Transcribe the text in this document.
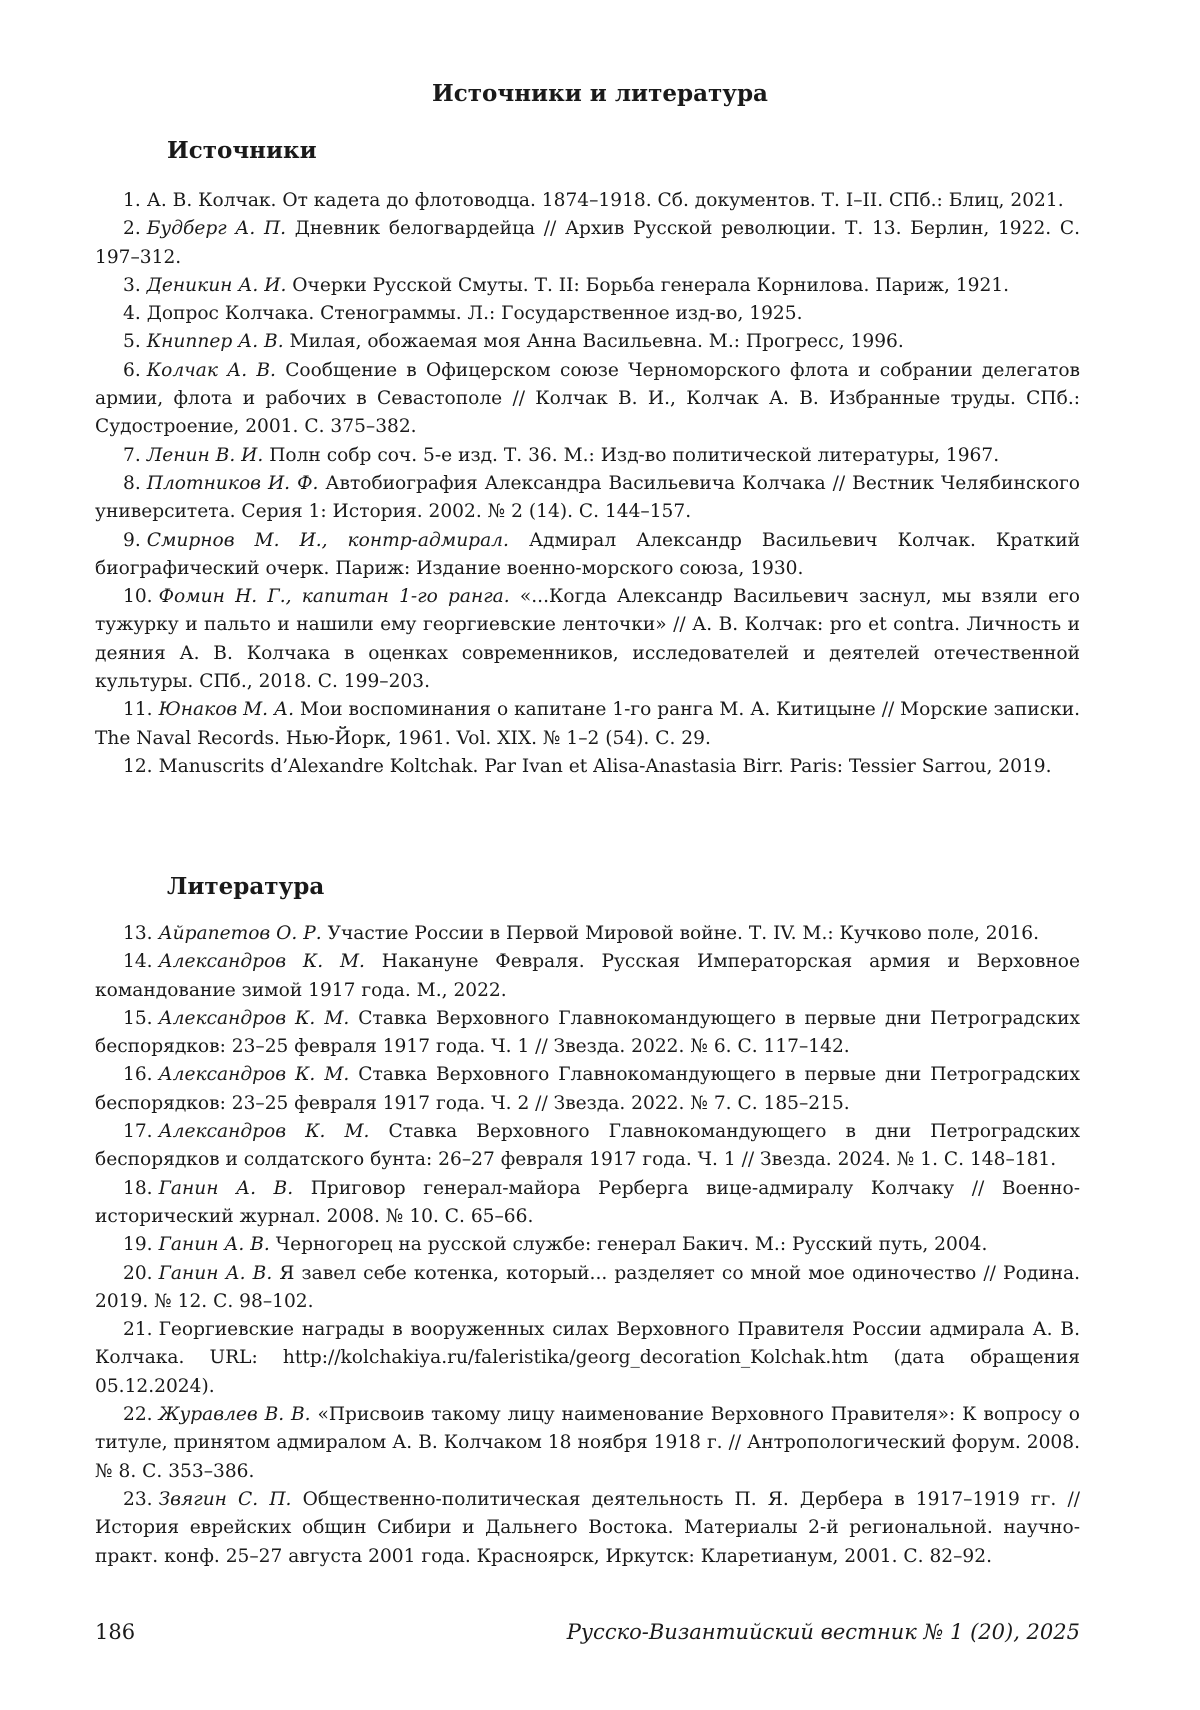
Источники и литература
Источники

1. А. В. Колчак. От кадета до флотоводца. 1874–1918. Сб. документов. Т. I–II. СПб.: Блиц, 2021.

2. Будберг А. П. Дневник белогвардейца // Архив Русской революции. Т. 13. Берлин, 1922. С. 197–312.

3. Деникин А. И. Очерки Русской Смуты. Т. II: Борьба генерала Корнилова. Париж, 1921.

4. Допрос Колчака. Стенограммы. Л.: Государственное изд-во, 1925.

5. Книппер А. В. Милая, обожаемая моя Анна Васильевна. М.: Прогресс, 1996.

6. Колчак А. В. Сообщение в Офицерском союзе Черноморского флота и собрании делегатов армии, флота и рабочих в Севастополе // Колчак В. И., Колчак А. В. Избранные труды. СПб.: Судостроение, 2001. С. 375–382.

7. Ленин В. И. Полн собр соч. 5-е изд. Т. 36. М.: Изд-во политической литературы, 1967.

8. Плотников И. Ф. Автобиография Александра Васильевича Колчака // Вестник Челябинского университета. Серия 1: История. 2002. № 2 (14). С. 144–157.

9. Смирнов М. И., контр-адмирал. Адмирал Александр Васильевич Колчак. Краткий биографический очерк. Париж: Издание военно-морского союза, 1930.

10. Фомин Н. Г., капитан 1-го ранга. «...Когда Александр Васильевич заснул, мы взяли его тужурку и пальто и нашили ему георгиевские ленточки» // А. В. Колчак: pro et contra. Личность и деяния А. В. Колчака в оценках современников, исследователей и деятелей отечественной культуры. СПб., 2018. С. 199–203.

11. Юнаков М. А. Мои воспоминания о капитане 1-го ранга М. А. Китицыне // Морские записки. The Naval Records. Нью-Йорк, 1961. Vol. XIX. № 1–2 (54). С. 29.

12. Manuscrits d’Alexandre Koltchak. Par Ivan et Alisa-Anastasia Birr. Paris: Tessier Sarrou, 2019.

Литература

13. Айрапетов О. Р. Участие России в Первой Мировой войне. Т. IV. М.: Кучково поле, 2016.

14. Александров К. М. Накануне Февраля. Русская Императорская армия и Верховное командование зимой 1917 года. М., 2022.

15. Александров К. М. Ставка Верховного Главнокомандующего в первые дни Петроградских беспорядков: 23–25 февраля 1917 года. Ч. 1 // Звезда. 2022. № 6. С. 117–142.

16. Александров К. М. Ставка Верховного Главнокомандующего в первые дни Петроградских беспорядков: 23–25 февраля 1917 года. Ч. 2 // Звезда. 2022. № 7. С. 185–215.

17. Александров К. М. Ставка Верховного Главнокомандующего в дни Петроградских беспорядков и солдатского бунта: 26–27 февраля 1917 года. Ч. 1 // Звезда. 2024. № 1. С. 148–181.

18. Ганин А. В. Приговор генерал-майора Рерберга вице-адмиралу Колчаку // Военно-исторический журнал. 2008. № 10. С. 65–66.

19. Ганин А. В. Черногорец на русской службе: генерал Бакич. М.: Русский путь, 2004.

20. Ганин А. В. Я завел себе котенка, который... разделяет со мной мое одиночество // Родина. 2019. № 12. С. 98–102.

21. Георгиевские награды в вооруженных силах Верховного Правителя России адмирала А. В. Колчака. URL: http://kolchakiya.ru/faleristika/georg_decoration_Kolchak.htm (дата обращения 05.12.2024).

22. Журавлев В. В. «Присвоив такому лицу наименование Верховного Правителя»: К вопросу о титуле, принятом адмиралом А. В. Колчаком 18 ноября 1918 г. // Антропологический форум. 2008. № 8. С. 353–386.

23. Звягин С. П. Общественно-политическая деятельность П. Я. Дербера в 1917–1919 гг. // История еврейских общин Сибири и Дальнего Востока. Материалы 2-й региональной. научно-практ. конф. 25–27 августа 2001 года. Красноярск, Иркутск: Кларетианум, 2001. С. 82–92.

186	Русско-Византийский вестник № 1 (20), 2025
